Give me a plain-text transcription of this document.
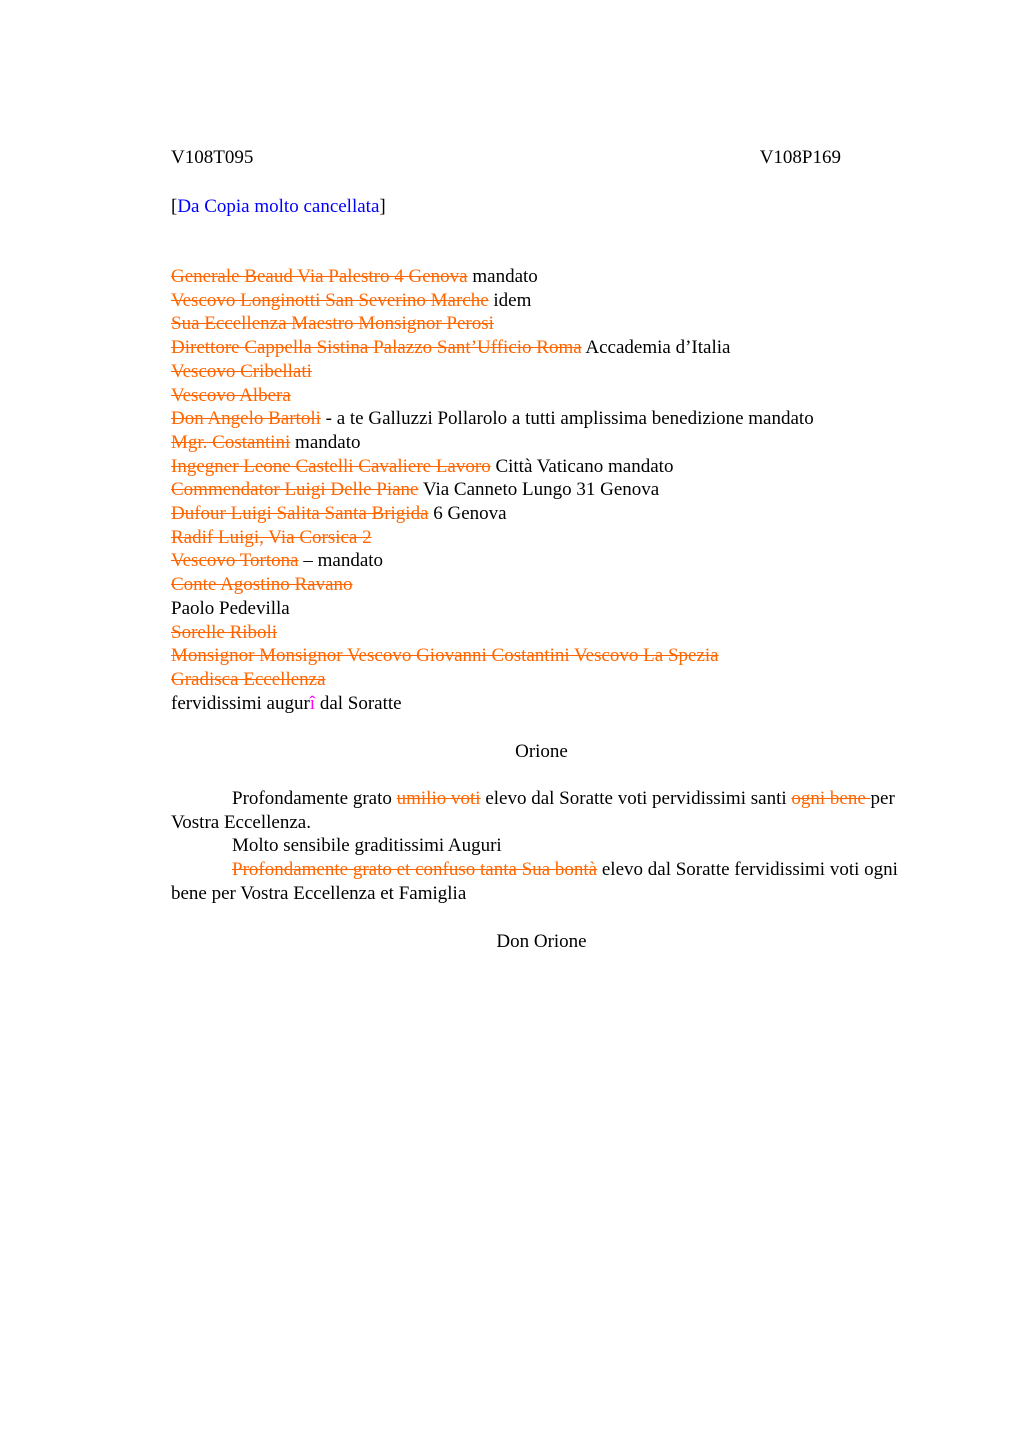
V108T095	V108P169
[Da Copia molto cancellata]
Generale Beaud Via Palestro 4 Genova mandato
Vescovo Longinotti San Severino Marche idem
Sua Eccellenza Maestro Monsignor Perosi
Direttore Cappella Sistina Palazzo Sant’Ufficio Roma Accademia d’Italia
Vescovo Cribellati
Vescovo Albera
Don Angelo Bartoli - a te Galluzzi Pollarolo a tutti amplissima benedizione mandato
Mgr. Costantini mandato
Ingegner Leone Castelli Cavaliere Lavoro Città Vaticano mandato
Commendator Luigi Delle Piane Via Canneto Lungo 31 Genova
Dufour Luigi Salita Santa Brigida 6 Genova
Radif Luigi, Via Corsica 2
Vescovo Tortona – mandato
Conte Agostino Ravano
Paolo Pedevilla
Sorelle Riboli
Monsignor Monsignor Vescovo Giovanni Costantini Vescovo La Spezia
Gradisca Eccellenza
fervidissimi augurî dal Soratte
Orione

Profondamente grato umilio voti elevo dal Soratte voti pervidissimi santi ogni bene per Vostra Eccellenza.

Molto sensibile graditissimi Auguri

Profondamente grato et confuso tanta Sua bontà elevo dal Soratte fervidissimi voti ogni bene per Vostra Eccellenza et Famiglia

Don Orione
